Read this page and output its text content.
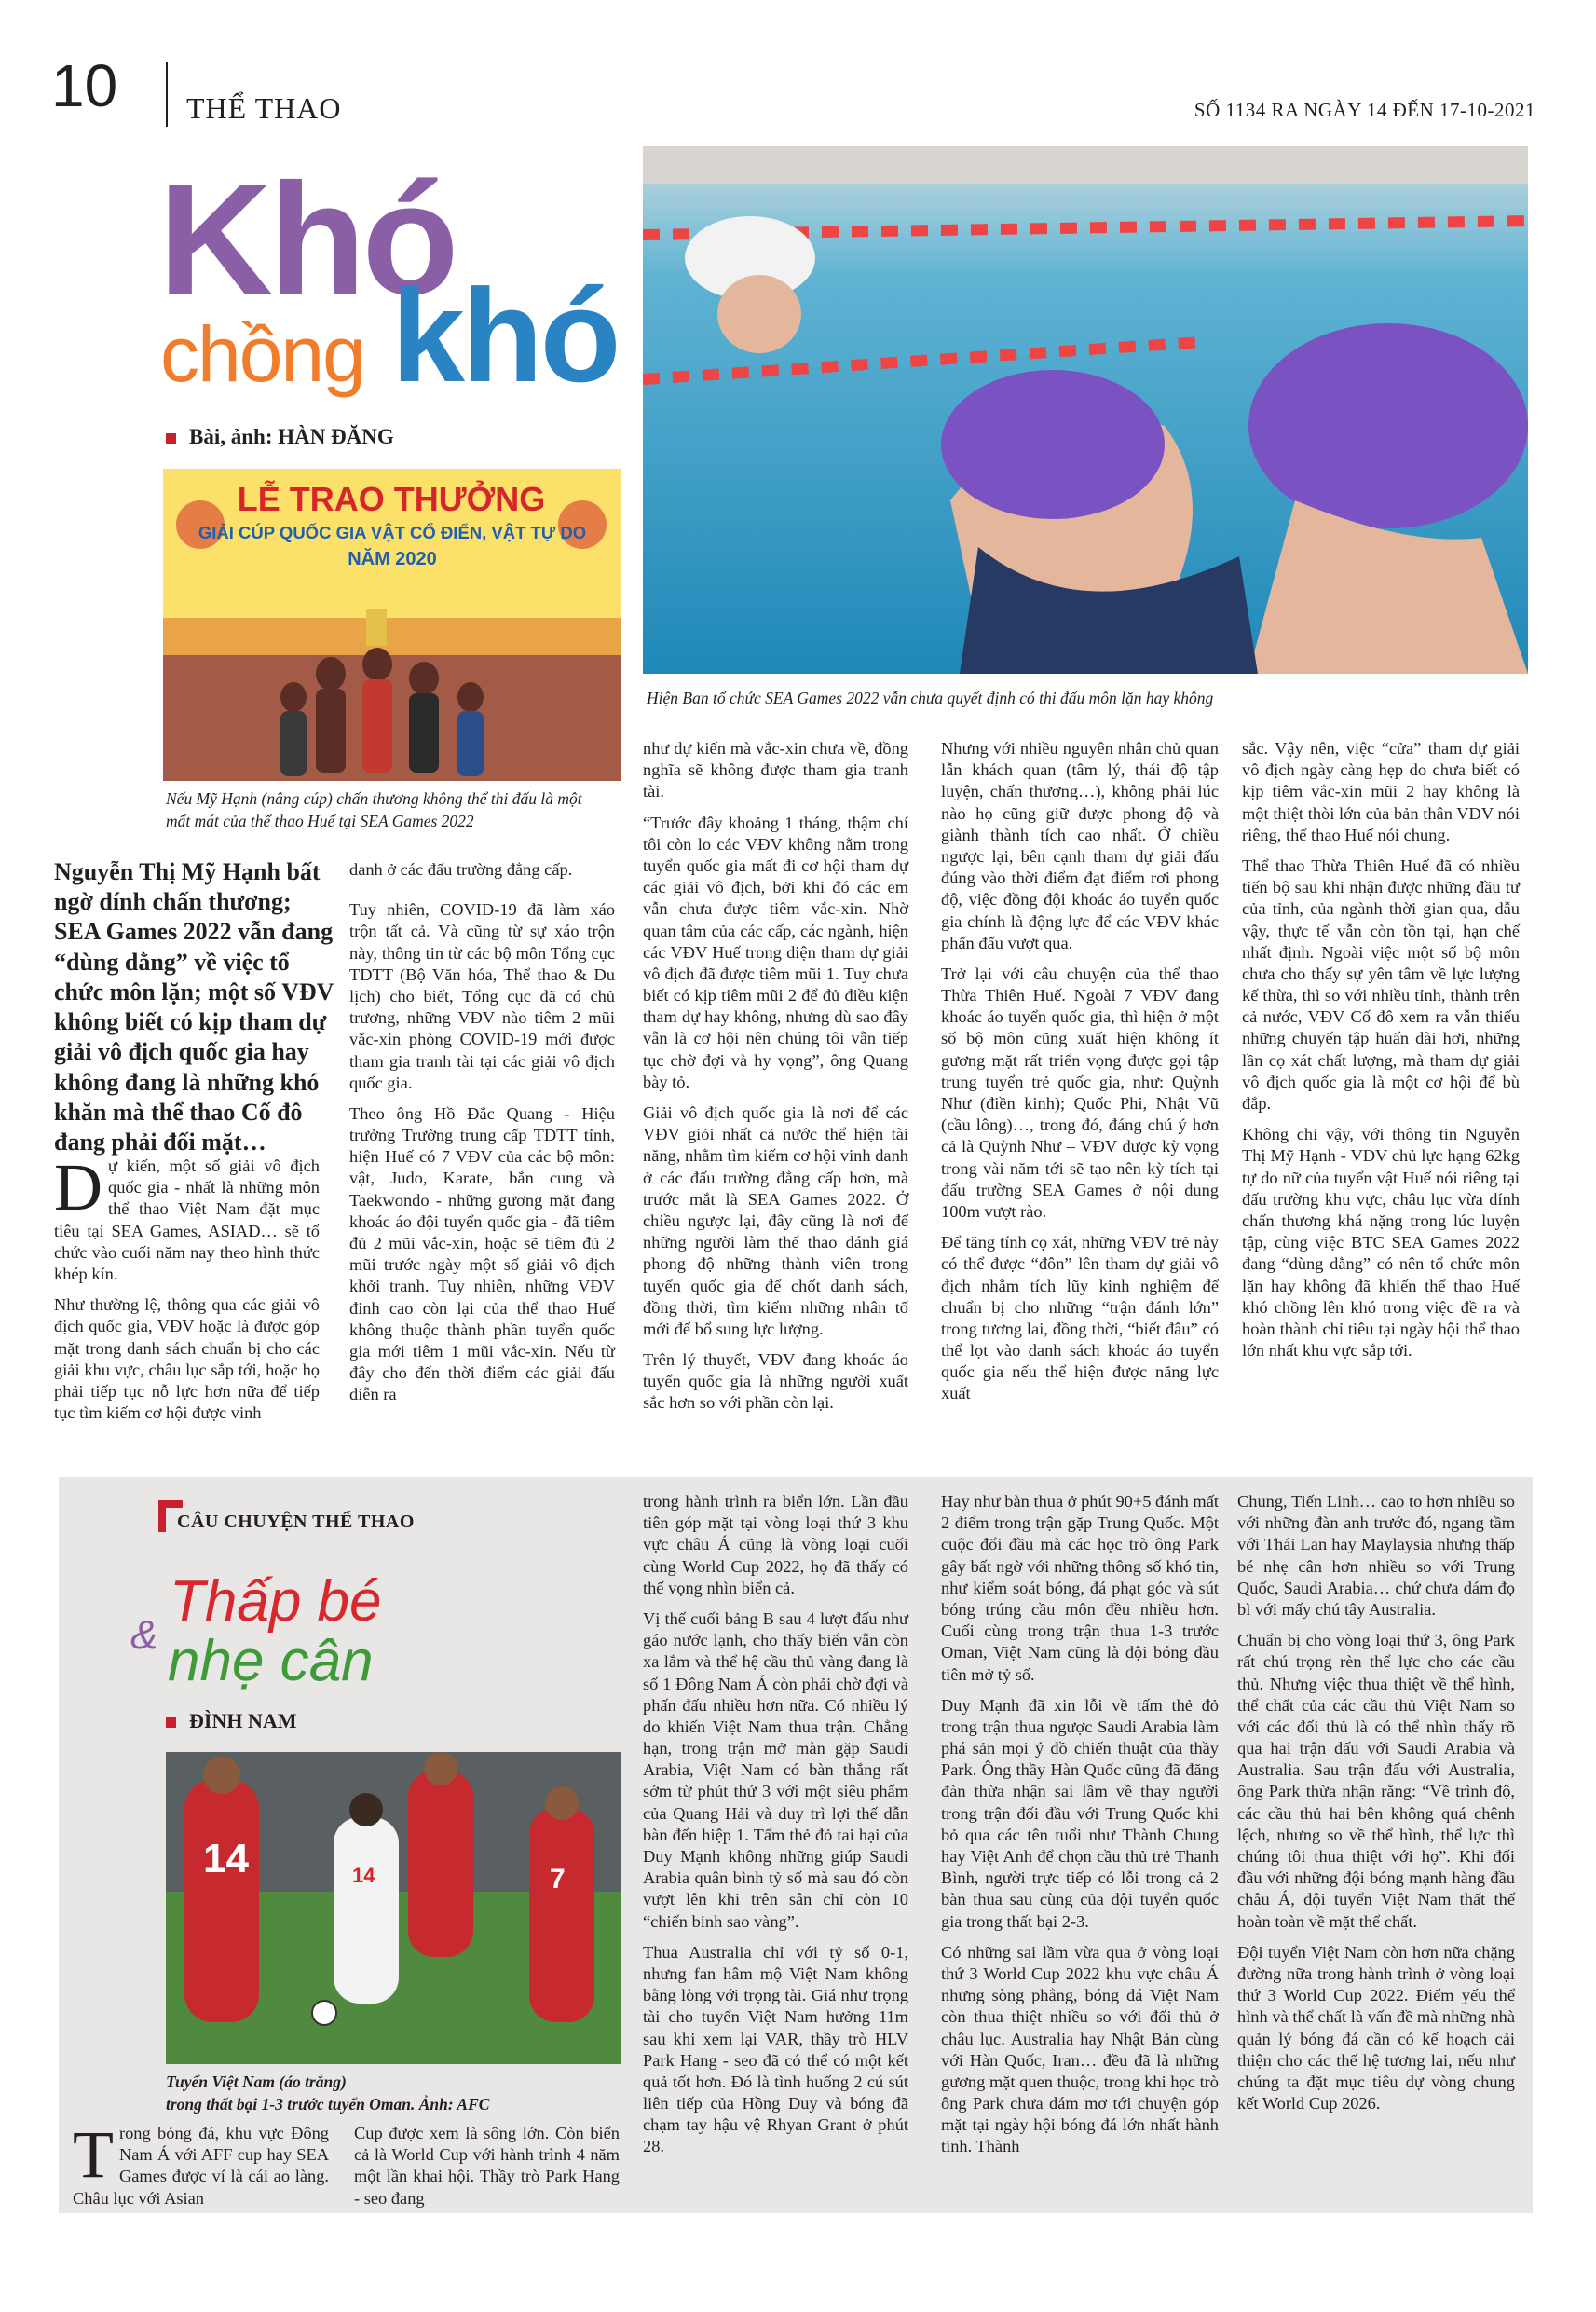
10 THỂ THAO	SỐ 1134 RA NGÀY 14 ĐẾN 17-10-2021
Khó
chồng khó
Bài, ảnh: HÀN ĐĂNG
LỄ TRAO THƯỞNG
GIẢI CÚP QUỐC GIA VẬT CỔ ĐIỂN, VẬT TỰ DO
NĂM 2020
Nếu Mỹ Hạnh (nâng cúp) chấn thương không thể thi đấu là một mất mát của thể thao Huế tại SEA Games 2022
Hiện Ban tổ chức SEA Games 2022 vẫn chưa quyết định có thi đấu môn lặn hay không
Nguyễn Thị Mỹ Hạnh bất ngờ dính chấn thương; SEA Games 2022 vẫn đang “dùng dằng” về việc tổ chức môn lặn; một số VĐV không biết có kịp tham dự giải vô địch quốc gia hay không đang là những khó khăn mà thể thao Cố đô đang phải đối mặt…

Dự kiến, một số giải vô địch quốc gia - nhất là những môn thể thao Việt Nam đặt mục tiêu tại SEA Games, ASIAD… sẽ tổ chức vào cuối năm nay theo hình thức khép kín.

Như thường lệ, thông qua các giải vô địch quốc gia, VĐV hoặc là được góp mặt trong danh sách chuẩn bị cho các giải khu vực, châu lục sắp tới, hoặc họ phải tiếp tục nỗ lực hơn nữa để tiếp tục tìm kiếm cơ hội được vinh

danh ở các đấu trường đẳng cấp.

Tuy nhiên, COVID-19 đã làm xáo trộn tất cả. Và cũng từ sự xáo trộn này, thông tin từ các bộ môn Tổng cục TDTT (Bộ Văn hóa, Thể thao & Du lịch) cho biết, Tổng cục đã có chủ trương, những VĐV nào tiêm 2 mũi vắc-xin phòng COVID-19 mới được tham gia tranh tài tại các giải vô địch quốc gia.

Theo ông Hồ Đắc Quang - Hiệu trưởng Trường trung cấp TDTT tỉnh, hiện Huế có 7 VĐV của các bộ môn: vật, Judo, Karate, bắn cung và Taekwondo - những gương mặt đang khoác áo đội tuyển quốc gia - đã tiêm đủ 2 mũi vắc-xin, hoặc sẽ tiêm đủ 2 mũi trước ngày một số giải vô địch khởi tranh. Tuy nhiên, những VĐV đinh cao còn lại của thể thao Huế không thuộc thành phần tuyển quốc gia mới tiêm 1 mũi vắc-xin. Nếu từ đây cho đến thời điểm các giải đấu diễn ra

như dự kiến mà vắc-xin chưa về, đồng nghĩa sẽ không được tham gia tranh tài.

“Trước đây khoảng 1 tháng, thậm chí tôi còn lo các VĐV không nằm trong tuyển quốc gia mất đi cơ hội tham dự các giải vô địch, bởi khi đó các em vẫn chưa được tiêm vắc-xin. Nhờ quan tâm của các cấp, các ngành, hiện các VĐV Huế trong diện tham dự giải vô địch đã được tiêm mũi 1. Tuy chưa biết có kịp tiêm mũi 2 để đủ điều kiện tham dự hay không, nhưng dù sao đây vẫn là cơ hội nên chúng tôi vẫn tiếp tục chờ đợi và hy vọng”, ông Quang bày tỏ.

Giải vô địch quốc gia là nơi để các VĐV giỏi nhất cả nước thể hiện tài năng, nhằm tìm kiếm cơ hội vinh danh ở các đấu trường đẳng cấp hơn, mà trước mắt là SEA Games 2022. Ở chiều ngược lại, đây cũng là nơi để những người làm thể thao đánh giá phong độ những thành viên trong tuyển quốc gia để chốt danh sách, đồng thời, tìm kiếm những nhân tố mới để bổ sung lực lượng.

Trên lý thuyết, VĐV đang khoác áo tuyển quốc gia là những người xuất sắc hơn so với phần còn lại.

Nhưng với nhiều nguyên nhân chủ quan lẫn khách quan (tâm lý, thái độ tập luyện, chấn thương…), không phải lúc nào họ cũng giữ được phong độ và giành thành tích cao nhất. Ở chiều ngược lại, bên cạnh tham dự giải đấu đúng vào thời điểm đạt điểm rơi phong độ, việc đồng đội khoác áo tuyển quốc gia chính là động lực để các VĐV khác phấn đấu vượt qua.

Trở lại với câu chuyện của thể thao Thừa Thiên Huế. Ngoài 7 VĐV đang khoác áo tuyển quốc gia, thì hiện ở một số bộ môn cũng xuất hiện không ít gương mặt rất triển vọng được gọi tập trung tuyển trẻ quốc gia, như: Quỳnh Như (điền kinh); Quốc Phi, Nhật Vũ (cầu lông)…, trong đó, đáng chú ý hơn cả là Quỳnh Như – VĐV được kỳ vọng trong vài năm tới sẽ tạo nên kỳ tích tại đấu trường SEA Games ở nội dung 100m vượt rào.

Để tăng tính cọ xát, những VĐV trẻ này có thể được “đôn” lên tham dự giải vô địch nhằm tích lũy kinh nghiệm để chuẩn bị cho những “trận đánh lớn” trong tương lai, đồng thời, “biết đâu” có thể lọt vào danh sách khoác áo tuyển quốc gia nếu thể hiện được năng lực xuất

sắc. Vậy nên, việc “cửa” tham dự giải vô địch ngày càng hẹp do chưa biết có kịp tiêm vắc-xin mũi 2 hay không là một thiệt thòi lớn của bản thân VĐV nói riêng, thể thao Huế nói chung.

Thể thao Thừa Thiên Huế đã có nhiều tiến bộ sau khi nhận được những đầu tư của tỉnh, của ngành thời gian qua, dẫu vậy, thực tế vẫn còn tồn tại, hạn chế nhất định. Ngoài việc một số bộ môn chưa cho thấy sự yên tâm về lực lượng kế thừa, thì so với nhiều tỉnh, thành trên cả nước, VĐV Cố đô xem ra vẫn thiếu những chuyến tập huấn dài hơi, những lần cọ xát chất lượng, mà tham dự giải vô địch quốc gia là một cơ hội để bù đắp.

Không chỉ vậy, với thông tin Nguyễn Thị Mỹ Hạnh - VĐV chủ lực hạng 62kg tự do nữ của tuyển vật Huế nói riêng tại đấu trường khu vực, châu lục vừa dính chấn thương khá nặng trong lúc luyện tập, cùng việc BTC SEA Games 2022 đang “dùng dằng” có nên tổ chức môn lặn hay không đã khiến thể thao Huế khó chồng lên khó trong việc đề ra và hoàn thành chỉ tiêu tại ngày hội thể thao lớn nhất khu vực sắp tới.

CÂU CHUYỆN THỂ THAO
&
Thấp bé
nhẹ cân
ĐÌNH NAM
14	14	7
Tuyển Việt Nam (áo trắng)
trong thất bại 1-3 trước tuyển Oman. Ảnh: AFC

Trong bóng đá, khu vực Đông Nam Á với AFF cup hay SEA Games được ví là cái ao làng. Châu lục với Asian

Cup được xem là sông lớn. Còn biển cả là World Cup với hành trình 4 năm một lần khai hội. Thầy trò Park Hang - seo đang

trong hành trình ra biển lớn. Lần đầu tiên góp mặt tại vòng loại thứ 3 khu vực châu Á cũng là vòng loại cuối cùng World Cup 2022, họ đã thấy có thể vọng nhìn biển cả.

Vị thế cuối bảng B sau 4 lượt đấu như gáo nước lạnh, cho thấy biển vẫn còn xa lắm và thể hệ cầu thủ vàng đang là số 1 Đông Nam Á còn phải chờ đợi và phấn đấu nhiều hơn nữa. Có nhiều lý do khiến Việt Nam thua trận. Chẳng hạn, trong trận mở màn gặp Saudi Arabia, Việt Nam có bàn thắng rất sớm từ phút thứ 3 với một siêu phẩm của Quang Hải và duy trì lợi thế dẫn bàn đến hiệp 1. Tấm thẻ đỏ tai hại của Duy Mạnh không những giúp Saudi Arabia quân bình tỷ số mà sau đó còn vượt lên khi trên sân chỉ còn 10 “chiến binh sao vàng”.

Thua Australia chỉ với tỷ số 0-1, nhưng fan hâm mộ Việt Nam không bằng lòng với trọng tài. Giá như trọng tài cho tuyển Việt Nam hưởng 11m sau khi xem lại VAR, thầy trò HLV Park Hang - seo đã có thể có một kết quả tốt hơn. Đó là tình huống 2 cú sút liên tiếp của Hồng Duy và bóng đã chạm tay hậu vệ Rhyan Grant ở phút 28.

Hay như bàn thua ở phút 90+5 đánh mất 2 điểm trong trận gặp Trung Quốc. Một cuộc đổi đầu mà các học trò ông Park gây bất ngờ với những thông số khó tin, như kiểm soát bóng, đá phạt góc và sút bóng trúng cầu môn đều nhiều hơn. Cuối cùng trong trận thua 1-3 trước Oman, Việt Nam cũng là đội bóng đầu tiên mở tỷ số.

Duy Mạnh đã xin lỗi về tấm thẻ đỏ trong trận thua ngược Saudi Arabia làm phá sản mọi ý đồ chiến thuật của thầy Park. Ông thầy Hàn Quốc cũng đã đăng đàn thừa nhận sai lầm về thay người trong trận đối đầu với Trung Quốc khi bỏ qua các tên tuổi như Thành Chung hay Việt Anh để chọn cầu thủ trẻ Thanh Bình, người trực tiếp có lỗi trong cả 2 bàn thua sau cùng của đội tuyển quốc gia trong thất bại 2-3.

Có những sai lầm vừa qua ở vòng loại thứ 3 World Cup 2022 khu vực châu Á nhưng sòng phẳng, bóng đá Việt Nam còn thua thiệt nhiều so với đối thủ ở châu lục. Australia hay Nhật Bản cùng với Hàn Quốc, Iran… đều đã là những gương mặt quen thuộc, trong khi học trò ông Park chưa dám mơ tới chuyện góp mặt tại ngày hội bóng đá lớn nhất hành tinh. Thành

Chung, Tiến Linh… cao to hơn nhiều so với những đàn anh trước đó, ngang tầm với Thái Lan hay Maylaysia nhưng thấp bé nhẹ cân hơn nhiều so với Trung Quốc, Saudi Arabia… chứ chưa dám đọ bì với mấy chú tây Australia.

Chuẩn bị cho vòng loại thứ 3, ông Park rất chú trọng rèn thể lực cho các cầu thủ. Nhưng việc thua thiệt về thể hình, thể chất của các cầu thủ Việt Nam so với các đối thủ là có thể nhìn thấy rõ qua hai trận đấu với Saudi Arabia và Australia. Sau trận đấu với Australia, ông Park thừa nhận rằng: “Về trình độ, các cầu thủ hai bên không quá chênh lệch, nhưng so về thể hình, thể lực thì chúng tôi thua thiệt với họ”. Khi đối đầu với những đội bóng mạnh hàng đầu châu Á, đội tuyển Việt Nam thất thế hoàn toàn về mặt thể chất.

Đội tuyển Việt Nam còn hơn nữa chặng đường nữa trong hành trình ở vòng loại thứ 3 World Cup 2022. Điểm yếu thể hình và thể chất là vấn đề mà những nhà quản lý bóng đá cần có kế hoạch cải thiện cho các thế hệ tương lai, nếu như chúng ta đặt mục tiêu dự vòng chung kết World Cup 2026.
